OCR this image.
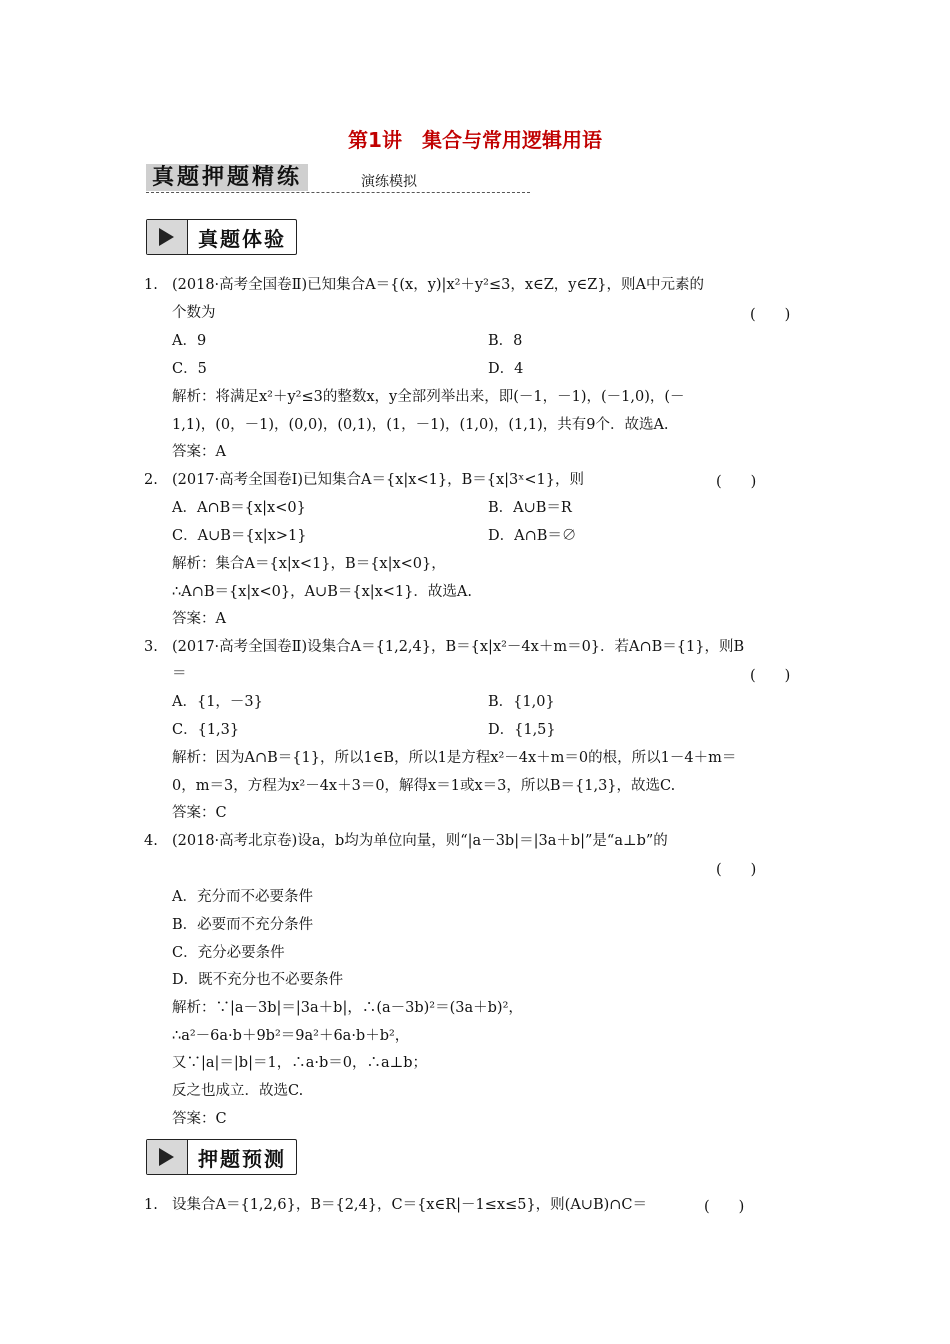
第1讲　集合与常用逻辑用语
真题押题精练	演练模拟
真题体验
1. (2018·高考全国卷Ⅱ)已知集合A＝{(x，y)|x²＋y²≤3，x∈Z，y∈Z}，则A中元素的
个数为	(　　)
A．9	B．8
C．5	D．4
解析：将满足x²＋y²≤3的整数x，y全部列举出来，即(－1，－1)，(－1,0)，(－
1,1)，(0，－1)，(0,0)，(0,1)，(1，－1)，(1,0)，(1,1)，共有9个．故选A.
答案：A
2. (2017·高考全国卷Ⅰ)已知集合A＝{x|x<1}，B＝{x|3ˣ<1}，则	(　　)
A．A∩B＝{x|x<0}	B．A∪B＝R
C．A∪B＝{x|x>1}	D．A∩B＝∅
解析：集合A＝{x|x<1}，B＝{x|x<0}，
∴A∩B＝{x|x<0}，A∪B＝{x|x<1}．故选A.
答案：A
3. (2017·高考全国卷Ⅱ)设集合A＝{1,2,4}，B＝{x|x²－4x＋m＝0}．若A∩B＝{1}，则B
＝	(　　)
A．{1，－3}	B．{1,0}
C．{1,3}	D．{1,5}
解析：因为A∩B＝{1}，所以1∈B，所以1是方程x²－4x＋m＝0的根，所以1－4＋m＝
0，m＝3，方程为x²－4x＋3＝0，解得x＝1或x＝3，所以B＝{1,3}，故选C.
答案：C
4. (2018·高考北京卷)设a，b均为单位向量，则“|a－3b|＝|3a＋b|”是“a⊥b”的
(　　)
A．充分而不必要条件
B．必要而不充分条件
C．充分必要条件
D．既不充分也不必要条件
解析：∵|a－3b|＝|3a＋b|，∴(a－3b)²＝(3a＋b)²，
∴a²－6a·b＋9b²＝9a²＋6a·b＋b²，
又∵|a|＝|b|＝1，∴a·b＝0，∴a⊥b；
反之也成立．故选C.
答案：C
押题预测
1. 设集合A＝{1,2,6}，B＝{2,4}，C＝{x∈R|－1≤x≤5}，则(A∪B)∩C＝	(　　)
